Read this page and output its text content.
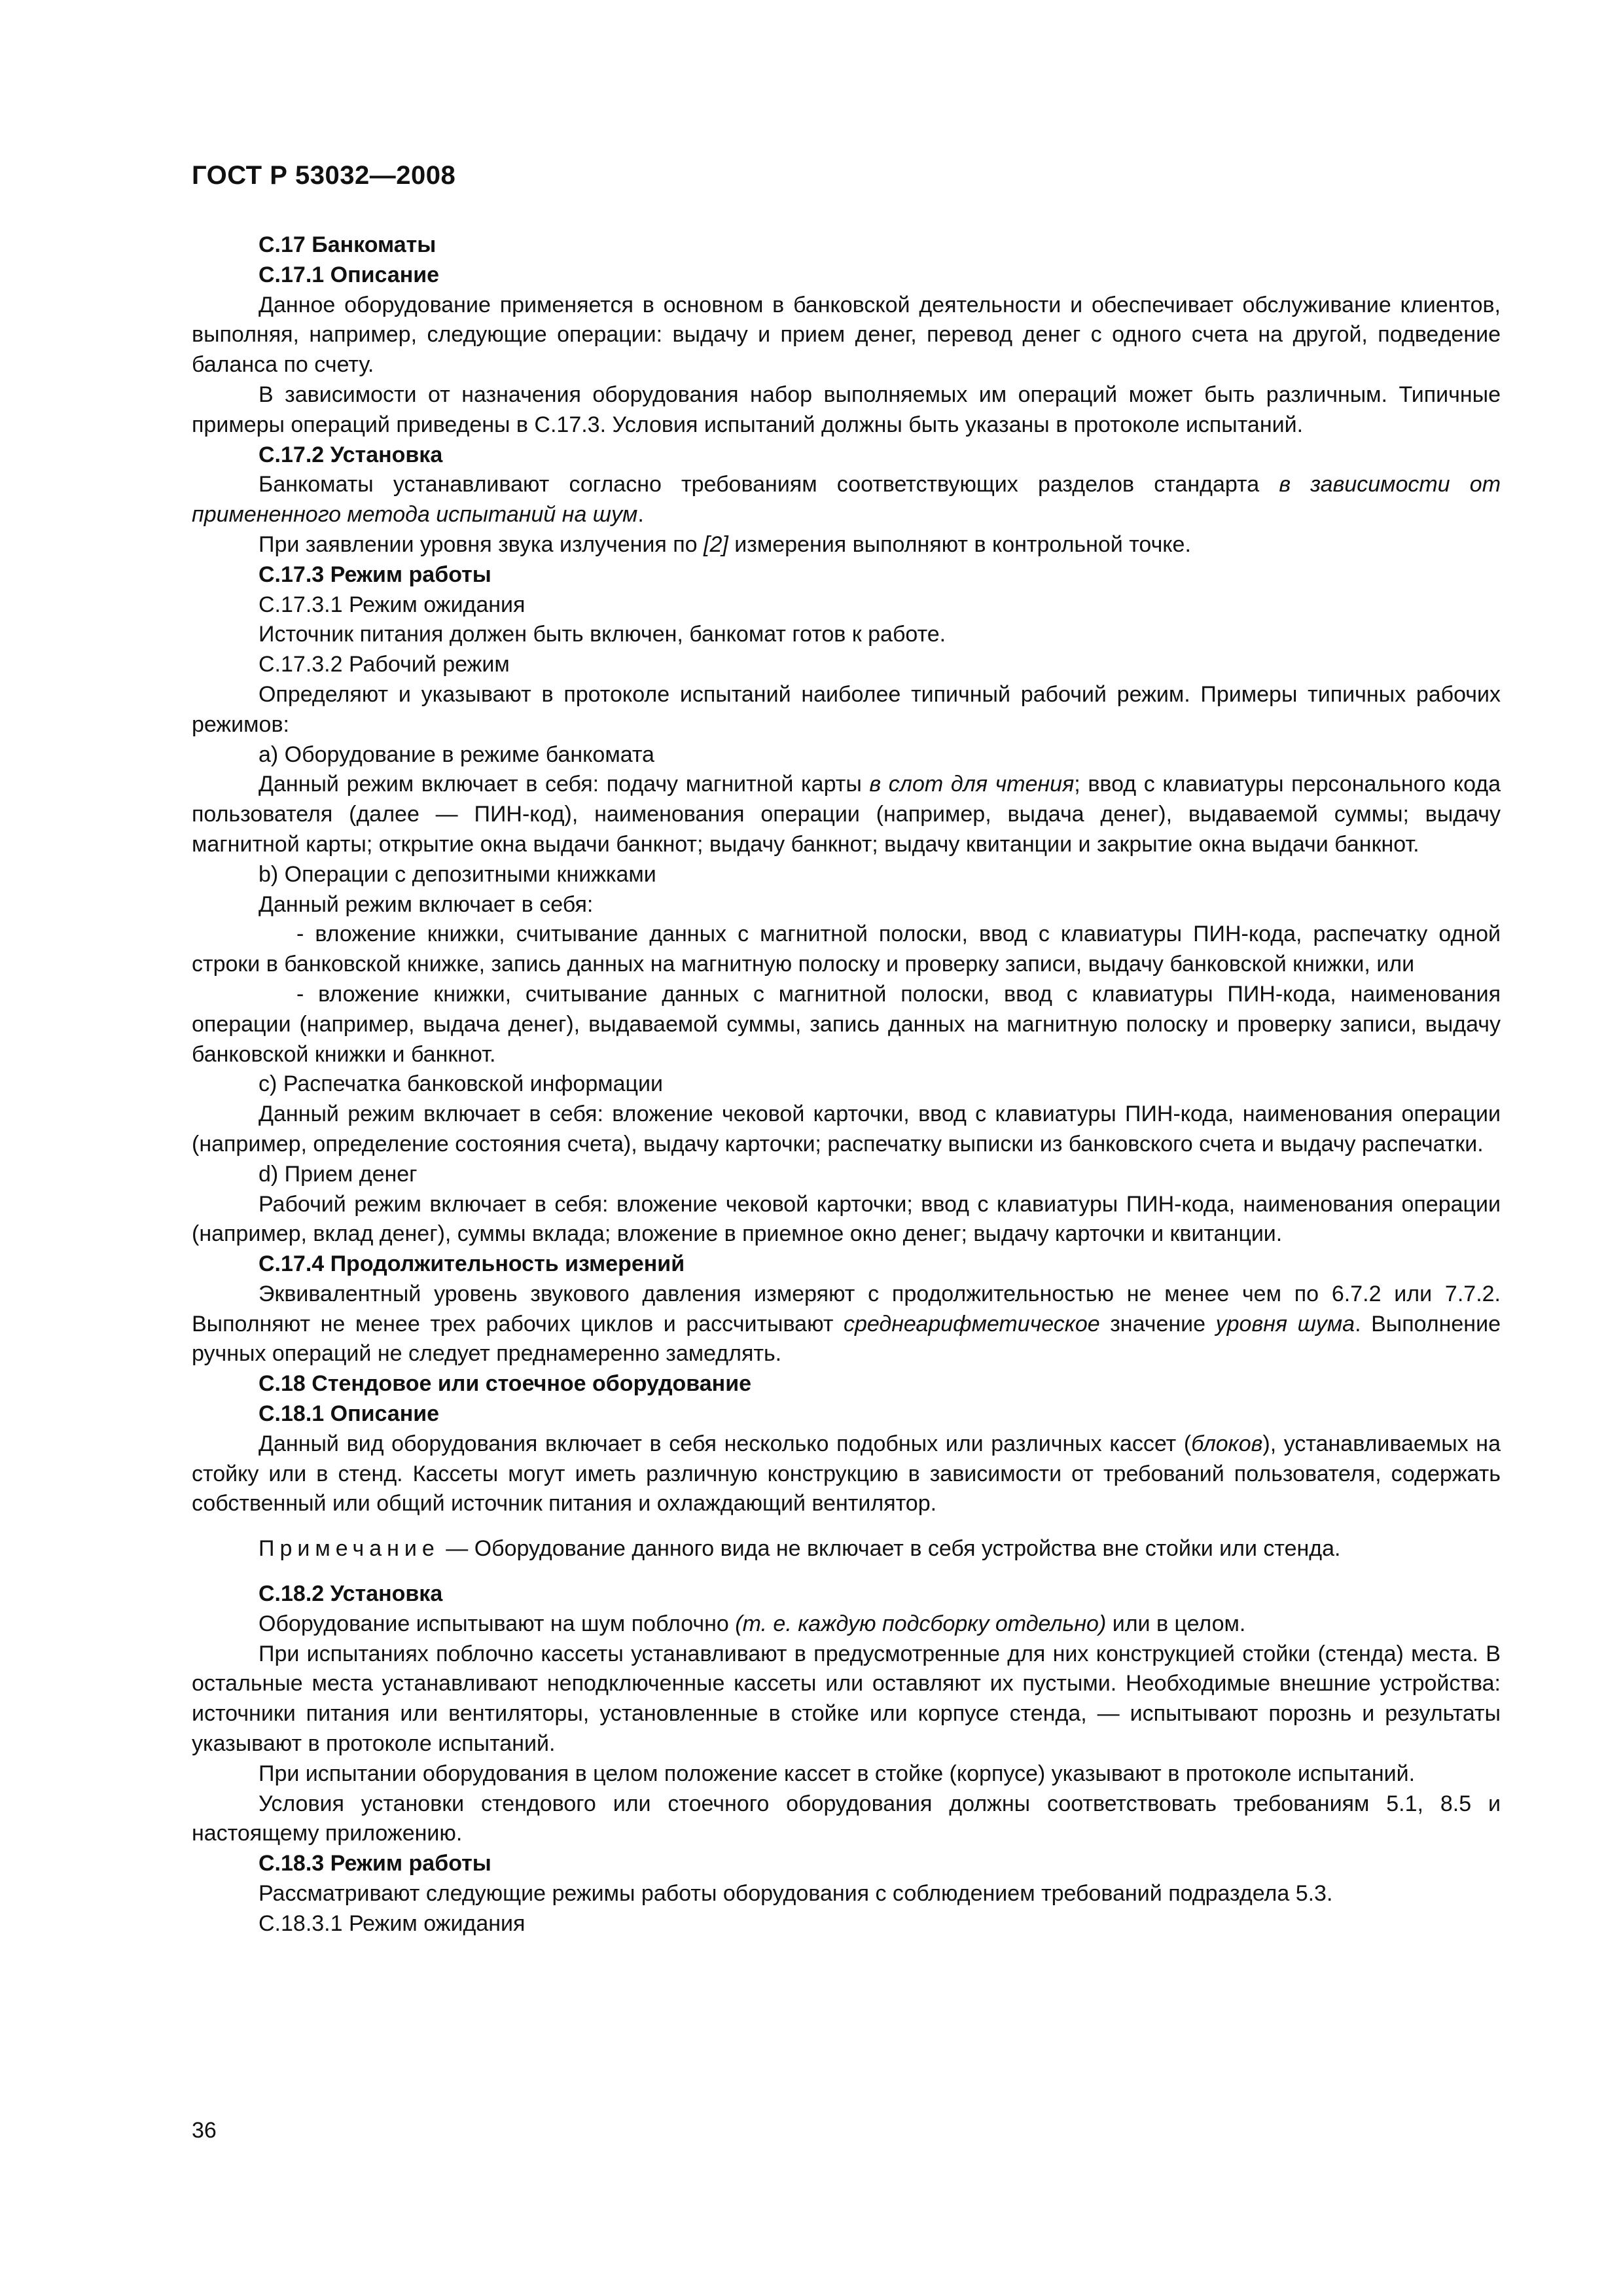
ГОСТ Р 53032—2008

С.17 Банкоматы

С.17.1 Описание

Данное оборудование применяется в основном в банковской деятельности и обеспечивает обслуживание клиентов, выполняя, например, следующие операции: выдачу и прием денег, перевод денег с одного счета на другой, подведение баланса по счету.

В зависимости от назначения оборудования набор выполняемых им операций может быть различным. Типичные примеры операций приведены в С.17.3. Условия испытаний должны быть указаны в протоколе испытаний.

С.17.2 Установка

Банкоматы устанавливают согласно требованиям соответствующих разделов стандарта в зависимости от примененного метода испытаний на шум.

При заявлении уровня звука излучения по [2] измерения выполняют в контрольной точке.

С.17.3 Режим работы

С.17.3.1 Режим ожидания

Источник питания должен быть включен, банкомат готов к работе.

С.17.3.2 Рабочий режим

Определяют и указывают в протоколе испытаний наиболее типичный рабочий режим. Примеры типичных рабочих режимов:

a) Оборудование в режиме банкомата

Данный режим включает в себя: подачу магнитной карты в слот для чтения; ввод с клавиатуры персонального кода пользователя (далее — ПИН-код), наименования операции (например, выдача денег), выдаваемой суммы; выдачу магнитной карты; открытие окна выдачи банкнот; выдачу банкнот; выдачу квитанции и закрытие окна выдачи банкнот.

b) Операции с депозитными книжками

Данный режим включает в себя:

- вложение книжки, считывание данных с магнитной полоски, ввод с клавиатуры ПИН-кода, распечатку одной строки в банковской книжке, запись данных на магнитную полоску и проверку записи, выдачу банковской книжки, или

- вложение книжки, считывание данных с магнитной полоски, ввод с клавиатуры ПИН-кода, наименования операции (например, выдача денег), выдаваемой суммы, запись данных на магнитную полоску и проверку записи, выдачу банковской книжки и банкнот.

c) Распечатка банковской информации

Данный режим включает в себя: вложение чековой карточки, ввод с клавиатуры ПИН-кода, наименования операции (например, определение состояния счета), выдачу карточки; распечатку выписки из банковского счета и выдачу распечатки.

d) Прием денег

Рабочий режим включает в себя: вложение чековой карточки; ввод с клавиатуры ПИН-кода, наименования операции (например, вклад денег), суммы вклада; вложение в приемное окно денег; выдачу карточки и квитанции.

С.17.4 Продолжительность измерений

Эквивалентный уровень звукового давления измеряют с продолжительностью не менее чем по 6.7.2 или 7.7.2. Выполняют не менее трех рабочих циклов и рассчитывают среднеарифметическое значение уровня шума. Выполнение ручных операций не следует преднамеренно замедлять.

С.18 Стендовое или стоечное оборудование

С.18.1 Описание

Данный вид оборудования включает в себя несколько подобных или различных кассет (блоков), устанавливаемых на стойку или в стенд. Кассеты могут иметь различную конструкцию в зависимости от требований пользователя, содержать собственный или общий источник питания и охлаждающий вентилятор.

Примечание — Оборудование данного вида не включает в себя устройства вне стойки или стенда.

С.18.2 Установка

Оборудование испытывают на шум поблочно (т. е. каждую подсборку отдельно) или в целом.

При испытаниях поблочно кассеты устанавливают в предусмотренные для них конструкцией стойки (стенда) места. В остальные места устанавливают неподключенные кассеты или оставляют их пустыми. Необходимые внешние устройства: источники питания или вентиляторы, установленные в стойке или корпусе стенда, — испытывают порознь и результаты указывают в протоколе испытаний.

При испытании оборудования в целом положение кассет в стойке (корпусе) указывают в протоколе испытаний.

Условия установки стендового или стоечного оборудования должны соответствовать требованиям 5.1, 8.5 и настоящему приложению.

С.18.3 Режим работы

Рассматривают следующие режимы работы оборудования с соблюдением требований подраздела 5.3.

С.18.3.1 Режим ожидания

36
